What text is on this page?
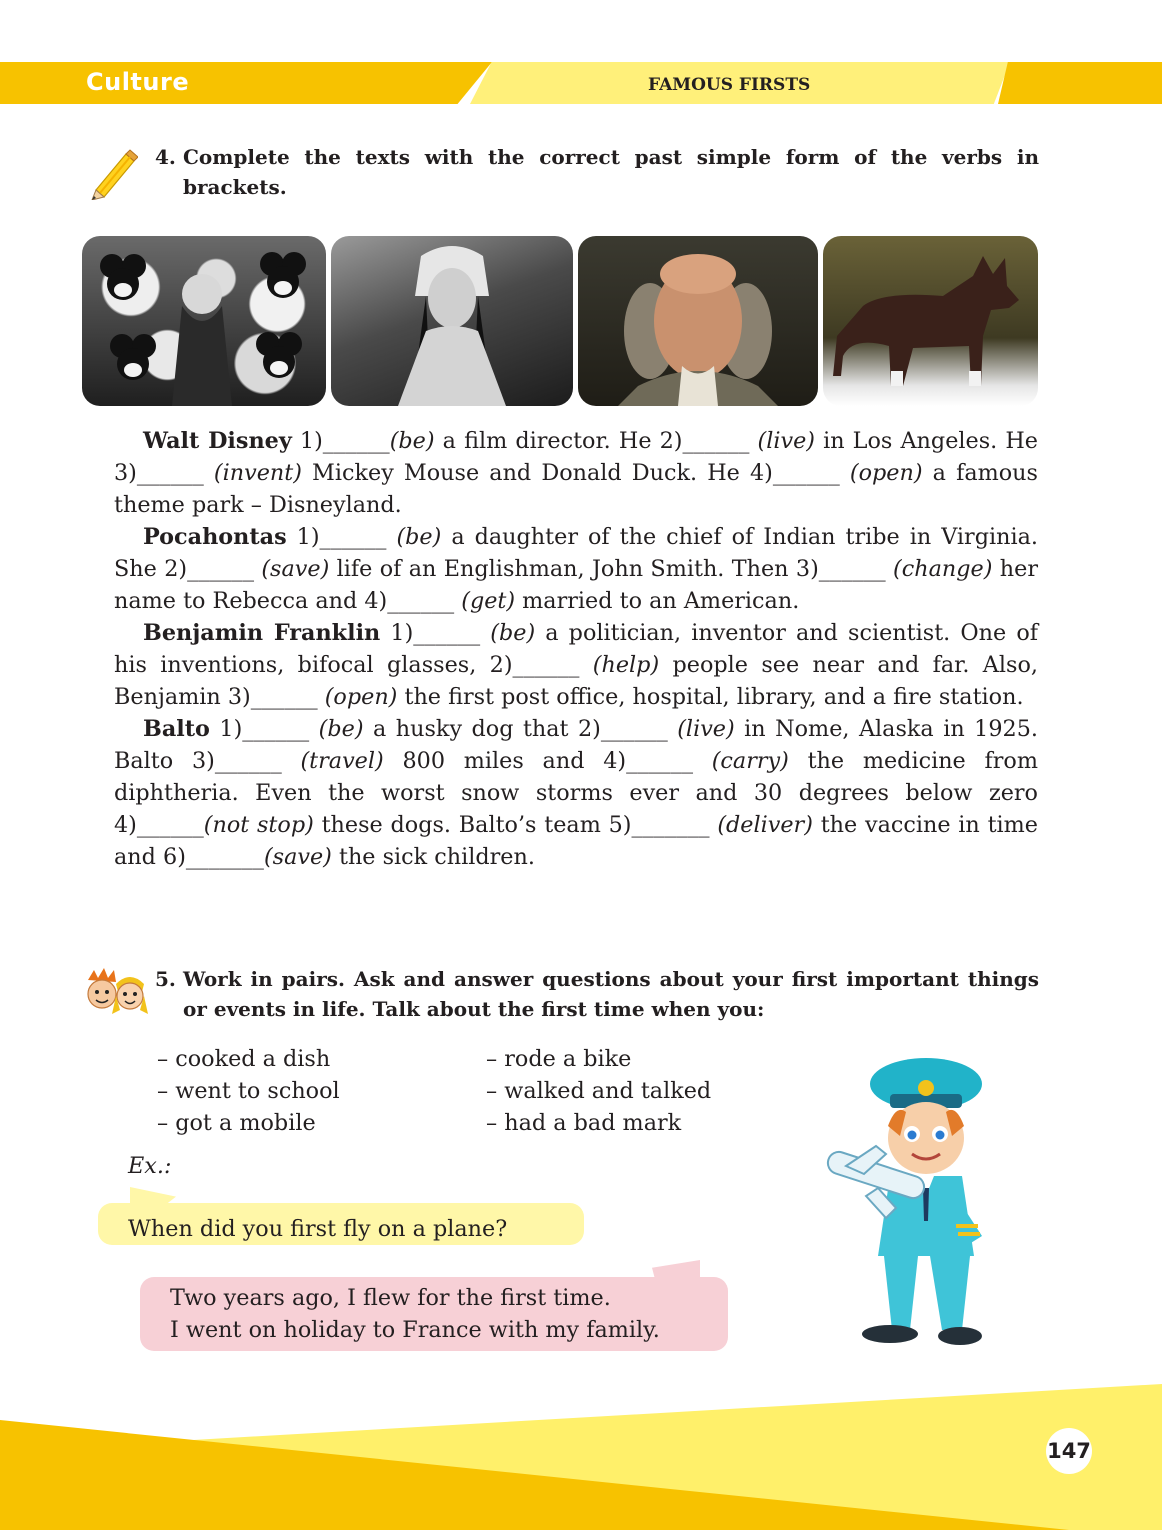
Culture	FAMOUS FIRSTS
4. Complete the texts with the correct past simple form of the verbs in brackets.

Walt Disney 1)______(be) a film director. He 2)______ (live) in Los Angeles. He 3)______ (invent) Mickey Mouse and Donald Duck. He 4)______ (open) a famous theme park – Disneyland.

Pocahontas 1)______ (be) a daughter of the chief of Indian tribe in Virginia. She 2)______ (save) life of an Englishman, John Smith. Then 3)______ (change) her name to Rebecca and 4)______ (get) married to an American.

Benjamin Franklin 1)______ (be) a politician, inventor and scientist. One of his inventions, bifocal glasses, 2)______ (help) people see near and far. Also, Benjamin 3)______ (open) the first post office, hospital, library, and a fire station.

Balto 1)______ (be) a husky dog that 2)______ (live) in Nome, Alaska in 1925. Balto 3)______ (travel) 800 miles and 4)______ (carry) the medicine from diphtheria. Even the worst snow storms ever and 30 degrees below zero 4)______(not stop) these dogs. Balto’s team 5)_______ (deliver) the vaccine in time and 6)_______(save) the sick children.

5. Work in pairs. Ask and answer questions about your first important things or events in life. Talk about the first time when you:
– cooked a dish
– went to school
– got a mobile
– rode a bike
– walked and talked
– had a bad mark
Ex.:
When did you first fly on a plane?
Two years ago, I flew for the first time.
I went on holiday to France with my family.
147
